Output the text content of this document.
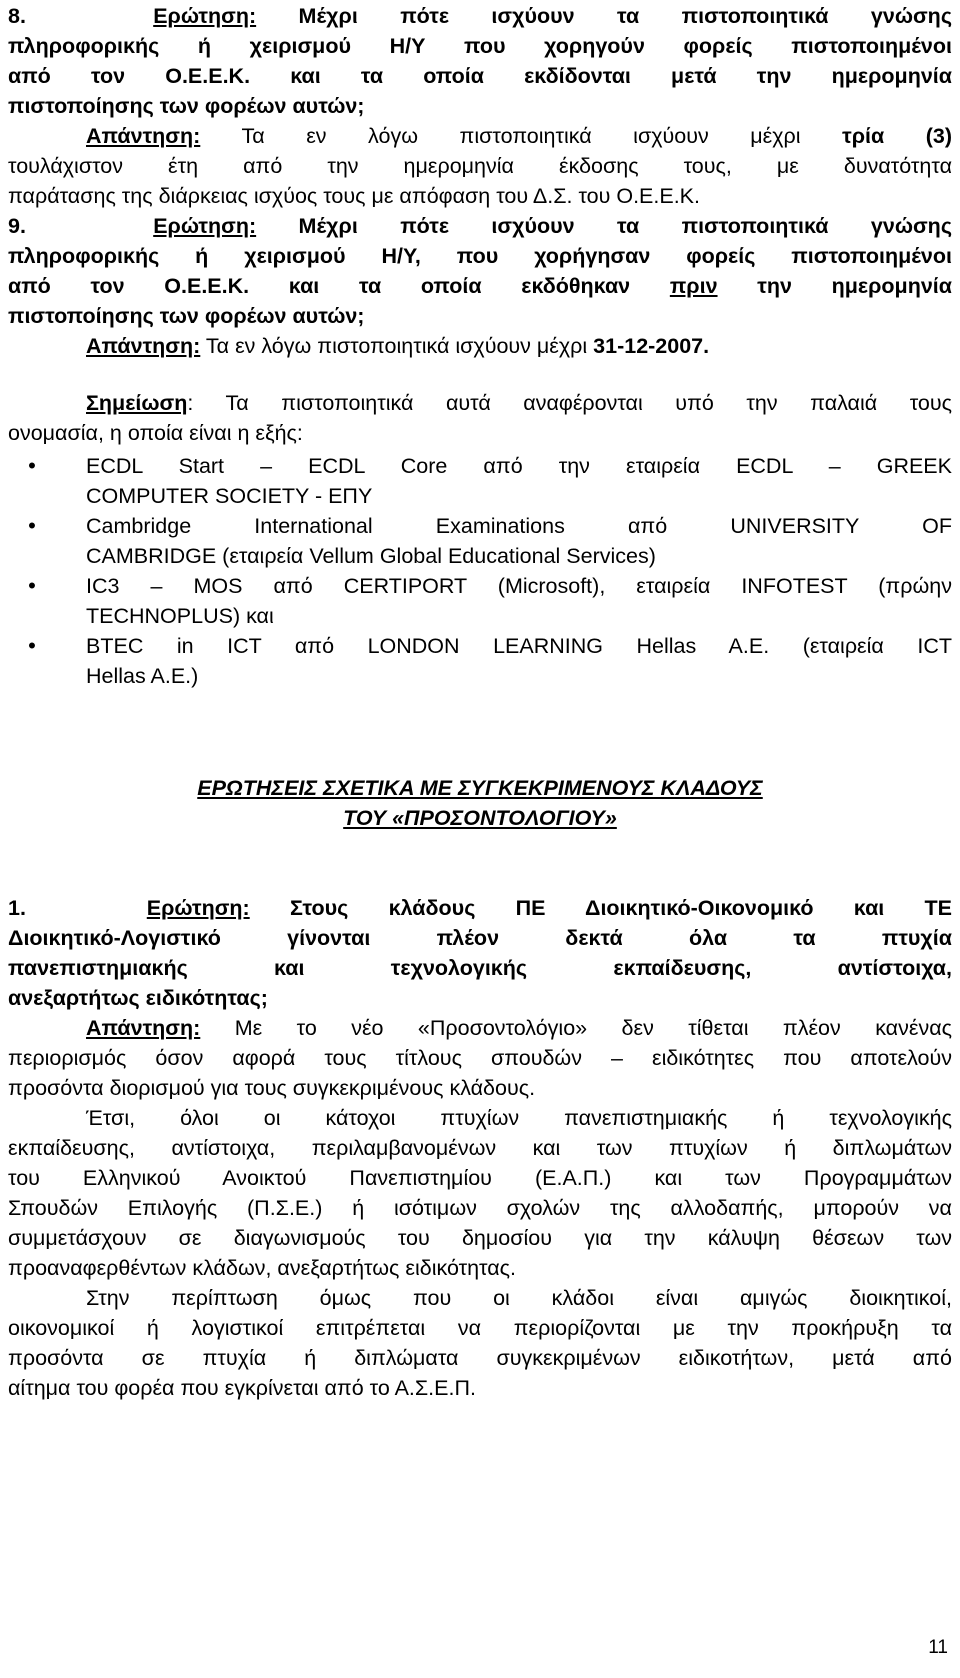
8.	Ερώτηση: Μέχρι πότε ισχύουν τα πιστοποιητικά γνώσης
πληροφορικής ή χειρισμού Η/Υ που χορηγούν φορείς πιστοποιημένοι
από τον Ο.Ε.Ε.Κ. και τα οποία εκδίδονται μετά την ημερομηνία
πιστοποίησης των φορέων αυτών;
Απάντηση: Τα εν λόγω πιστοποιητικά ισχύουν μέχρι τρία (3)
τουλάχιστον έτη από την ημερομηνία έκδοσης τους, με δυνατότητα
παράτασης της διάρκειας ισχύος τους με απόφαση του Δ.Σ. του Ο.Ε.Ε.Κ.
9.	Ερώτηση: Μέχρι πότε ισχύουν τα πιστοποιητικά γνώσης
πληροφορικής ή χειρισμού Η/Υ, που χορήγησαν φορείς πιστοποιημένοι
από τον Ο.Ε.Ε.Κ. και τα οποία εκδόθηκαν πριν την ημερομηνία
πιστοποίησης των φορέων αυτών;
Απάντηση: Τα εν λόγω πιστοποιητικά ισχύουν μέχρι 31-12-2007.
Σημείωση: Τα πιστοποιητικά αυτά αναφέρονται υπό την παλαιά τους
ονομασία, η οποία είναι η εξής:
• ECDL Start – ECDL Core από την εταιρεία ECDL – GREEK
COMPUTER SOCIETY - ΕΠΥ
• Cambridge International Examinations από UNIVERSITY OF
CAMBRIDGE (εταιρεία Vellum Global Educational Services)
• IC3 – MOS από CERTIPORT (Microsoft), εταιρεία INFOTEST (πρώην
TECHNOPLUS) και
• BTEC in ICT από LONDON LEARNING Hellas A.E. (εταιρεία ICT
Hellas A.E.)
ΕΡΩΤΗΣΕΙΣ ΣΧΕΤΙΚΑ ΜΕ ΣΥΓΚΕΚΡΙΜΕΝΟΥΣ ΚΛΑΔΟΥΣ
ΤΟΥ «ΠΡΟΣΟΝΤΟΛΟΓΙΟΥ»
1.	Ερώτηση: Στους κλάδους ΠΕ Διοικητικό-Οικονομικό και ΤΕ
Διοικητικό-Λογιστικό γίνονται πλέον δεκτά όλα τα πτυχία
πανεπιστημιακής και τεχνολογικής εκπαίδευσης, αντίστοιχα,
ανεξαρτήτως ειδικότητας;
Απάντηση: Με το νέο «Προσοντολόγιο» δεν τίθεται πλέον κανένας
περιορισμός όσον αφορά τους τίτλους σπουδών – ειδικότητες που αποτελούν
προσόντα διορισμού για τους συγκεκριμένους κλάδους.
Έτσι, όλοι οι κάτοχοι πτυχίων πανεπιστημιακής ή τεχνολογικής
εκπαίδευσης, αντίστοιχα, περιλαμβανομένων και των πτυχίων ή διπλωμάτων
του Ελληνικού Ανοικτού Πανεπιστημίου (Ε.Α.Π.) και των Προγραμμάτων
Σπουδών Επιλογής (Π.Σ.Ε.) ή ισότιμων σχολών της αλλοδαπής, μπορούν να
συμμετάσχουν σε διαγωνισμούς του δημοσίου για την κάλυψη θέσεων των
προαναφερθέντων κλάδων, ανεξαρτήτως ειδικότητας.
Στην περίπτωση όμως που οι κλάδοι είναι αμιγώς διοικητικοί,
οικονομικοί ή λογιστικοί επιτρέπεται να περιορίζονται με την προκήρυξη τα
προσόντα σε πτυχία ή διπλώματα συγκεκριμένων ειδικοτήτων, μετά από
αίτημα του φορέα που εγκρίνεται από το Α.Σ.Ε.Π.
11
